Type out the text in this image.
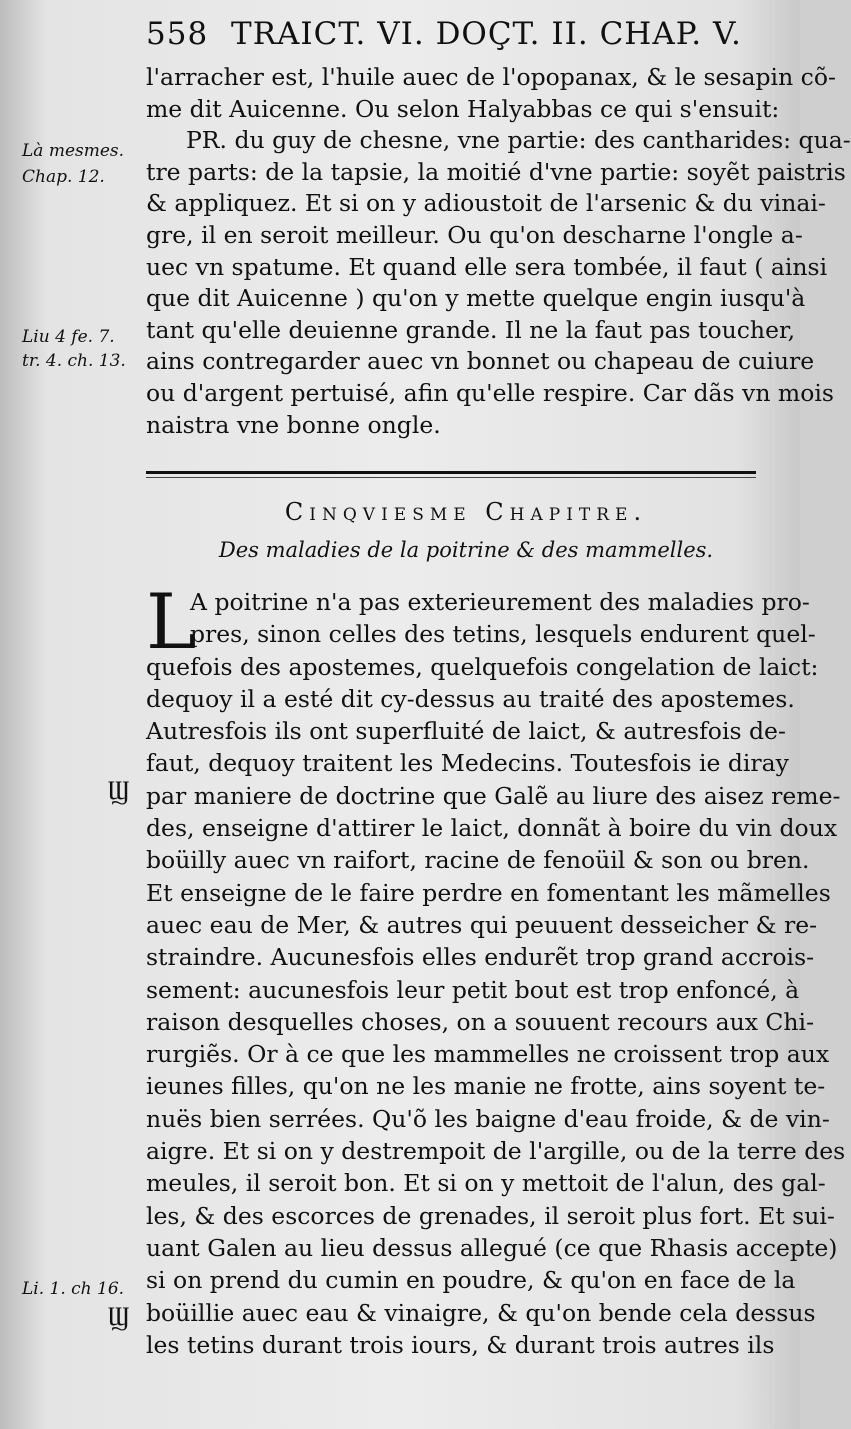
558 TRAICT. VI. DOÇT. II. CHAP. V.
Là mesmes.
Chap. 12.
Liu 4 fe. 7.
tr. 4. ch. 13.
Li. 1. ch 16.
Ϣ
Ϣ
l'arracher est, l'huile auec de l'opopanax, & le sesapin cõ-
me dit Auicenne. Ou selon Halyabbas ce qui s'ensuit:
PR. du guy de chesne, vne partie: des cantharides: qua-
tre parts: de la tapsie, la moitié d'vne partie: soyẽt paistris
& appliquez. Et si on y adioustoit de l'arsenic & du vinai-
gre, il en seroit meilleur. Ou qu'on descharne l'ongle a-
uec vn spatume. Et quand elle sera tombée, il faut ( ainsi
que dit Auicenne ) qu'on y mette quelque engin iusqu'à
tant qu'elle deuienne grande. Il ne la faut pas toucher,
ains contregarder auec vn bonnet ou chapeau de cuiure
ou d'argent pertuisé, afin qu'elle respire. Car dãs vn mois
naistra vne bonne ongle.
Cinqviesme Chapitre.
Des maladies de la poitrine & des mammelles.
L
A poitrine n'a pas exterieurement des maladies pro-
pres, sinon celles des tetins, lesquels endurent quel-
quefois des apostemes, quelquefois congelation de laict:
dequoy il a esté dit cy-dessus au traité des apostemes.
Autresfois ils ont superfluité de laict, & autresfois de-
faut, dequoy traitent les Medecins. Toutesfois ie diray
par maniere de doctrine que Galẽ au liure des aisez reme-
des, enseigne d'attirer le laict, donnãt à boire du vin doux
boüilly auec vn raifort, racine de fenoüil & son ou bren.
Et enseigne de le faire perdre en fomentant les mãmelles
auec eau de Mer, & autres qui peuuent desseicher & re-
straindre. Aucunesfois elles endurẽt trop grand accrois-
sement: aucunesfois leur petit bout est trop enfoncé, à
raison desquelles choses, on a souuent recours aux Chi-
rurgiẽs. Or à ce que les mammelles ne croissent trop aux
ieunes filles, qu'on ne les manie ne frotte, ains soyent te-
nuës bien serrées. Qu'õ les baigne d'eau froide, & de vin-
aigre. Et si on y destrempoit de l'argille, ou de la terre des
meules, il seroit bon. Et si on y mettoit de l'alun, des gal-
les, & des escorces de grenades, il seroit plus fort. Et sui-
uant Galen au lieu dessus allegué (ce que Rhasis accepte)
si on prend du cumin en poudre, & qu'on en face de la
boüillie auec eau & vinaigre, & qu'on bende cela dessus
les tetins durant trois iours, & durant trois autres ils
